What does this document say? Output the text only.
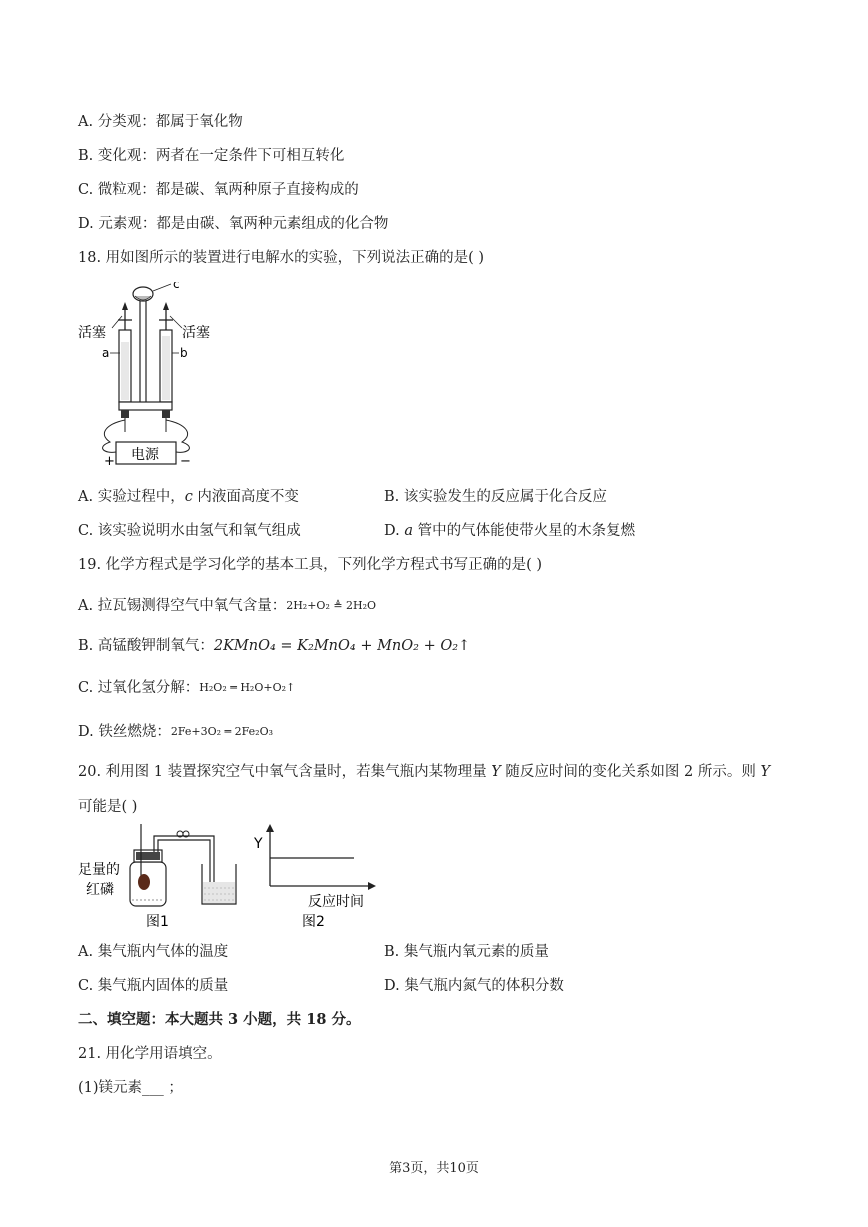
A. 分类观：都属于氧化物
B. 变化观：两者在一定条件下可相互转化
C. 微粒观：都是碳、氧两种原子直接构成的
D. 元素观：都是由碳、氧两种元素组成的化合物
18. 用如图所示的装置进行电解水的实验，下列说法正确的是( )
c
活塞
a
活塞
b
电源
+	−
A. 实验过程中，c 内液面高度不变	B. 该实验发生的反应属于化合反应
C. 该实验说明水由氢气和氧气组成	D. a 管中的气体能使带火星的木条复燃
19. 化学方程式是学习化学的基本工具，下列化学方程式书写正确的是( )
A. 拉瓦锡测得空气中氧气含量：2H₂+O₂ ≜ 2H₂O
B. 高锰酸钾制氧气：2KMnO₄ = K₂MnO₄ + MnO₂ + O₂↑
C. 过氧化氢分解：H₂O₂ ═ H₂O+O₂↑
D. 铁丝燃烧：2Fe+3O₂ ═ 2Fe₂O₃
20. 利用图 1 装置探究空气中氧气含量时，若集气瓶内某物理量 Y 随反应时间的变化关系如图 2 所示。则 Y
可能是( )
足量的
红磷
图1
Y
反应时间
图2
A. 集气瓶内气体的温度	B. 集气瓶内氧元素的质量
C. 集气瓶内固体的质量	D. 集气瓶内氮气的体积分数
二、填空题：本大题共 3 小题，共 18 分。
21. 用化学用语填空。
(1)镁元素___ ；
第3页，共10页
